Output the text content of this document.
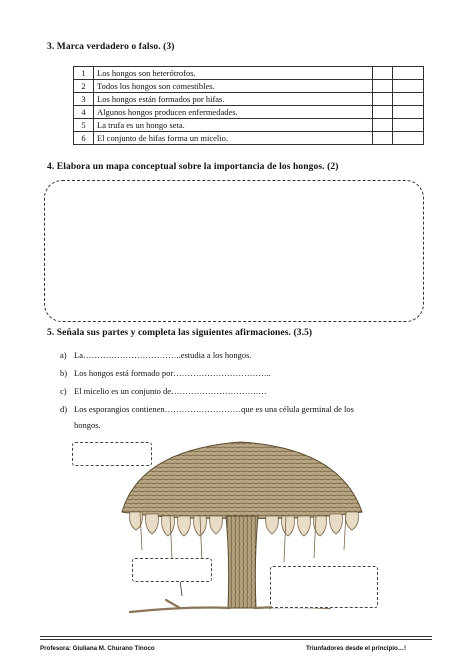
3. Marca verdadero o falso. (3)
1	Los hongos son heterótrofos.		
2	Todos los hongos son comestibles.		
3	Los hongos están formados por hifas.		
4	Algunos hongos producen enfermedades.		
5	La trufa es un hongo seta.		
6	El conjunto de hifas forma un micelio.		
4. Elabora un mapa conceptual sobre la importancia de los hongos. (2)
5. Señala sus partes y completa las siguientes afirmaciones. (3.5)
a) La……………………………..estudia a los hongos.
b) Los hongos está formado por……………………………..
c) El micelio es un conjunto de………………………….…
d) Los esporangios contienen………………………que es una célula germinal de los
hongos.
Profesora: Giuliana M. Churano Tinoco	Triunfadores desde el principio…!
